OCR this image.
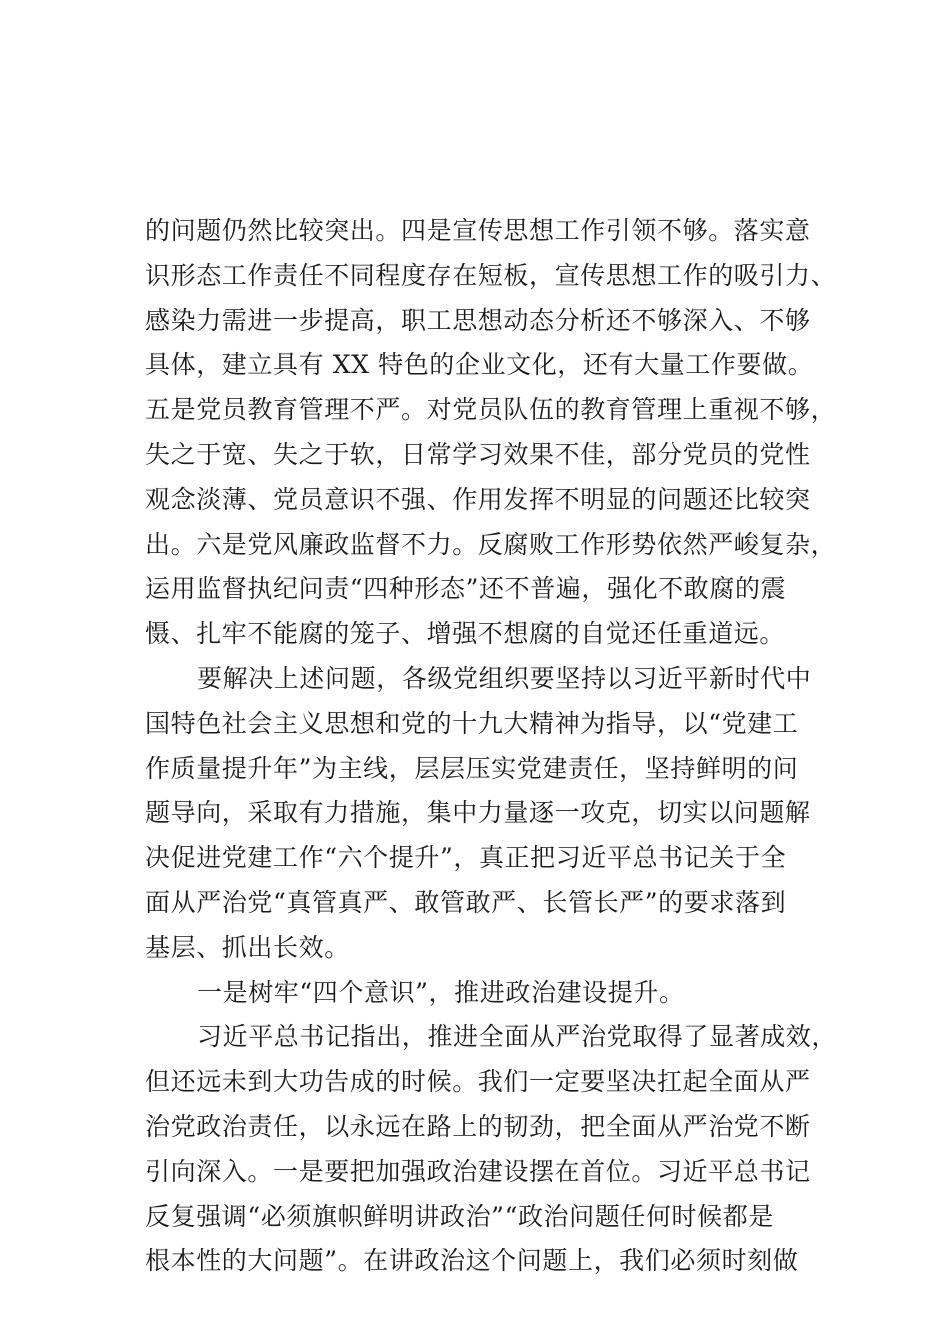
的问题仍然比较突出。四是宣传思想工作引领不够。落实意
识形态工作责任不同程度存在短板，宣传思想工作的吸引力、
感染力需进一步提高，职工思想动态分析还不够深入、不够
具体，建立具有 XX 特色的企业文化，还有大量工作要做。
五是党员教育管理不严。对党员队伍的教育管理上重视不够，
失之于宽、失之于软，日常学习效果不佳，部分党员的党性
观念淡薄、党员意识不强、作用发挥不明显的问题还比较突
出。六是党风廉政监督不力。反腐败工作形势依然严峻复杂，
运用监督执纪问责“四种形态”还不普遍，强化不敢腐的震
慑、扎牢不能腐的笼子、增强不想腐的自觉还任重道远。
要解决上述问题，各级党组织要坚持以习近平新时代中
国特色社会主义思想和党的十九大精神为指导，以“党建工
作质量提升年”为主线，层层压实党建责任，坚持鲜明的问
题导向，采取有力措施，集中力量逐一攻克，切实以问题解
决促进党建工作“六个提升”，真正把习近平总书记关于全
面从严治党“真管真严、敢管敢严、长管长严”的要求落到
基层、抓出长效。
一是树牢“四个意识”，推进政治建设提升。
习近平总书记指出，推进全面从严治党取得了显著成效，
但还远未到大功告成的时候。我们一定要坚决扛起全面从严
治党政治责任，以永远在路上的韧劲，把全面从严治党不断
引向深入。一是要把加强政治建设摆在首位。习近平总书记
反复强调“必须旗帜鲜明讲政治”“政治问题任何时候都是
根本性的大问题”。在讲政治这个问题上，我们必须时刻做
